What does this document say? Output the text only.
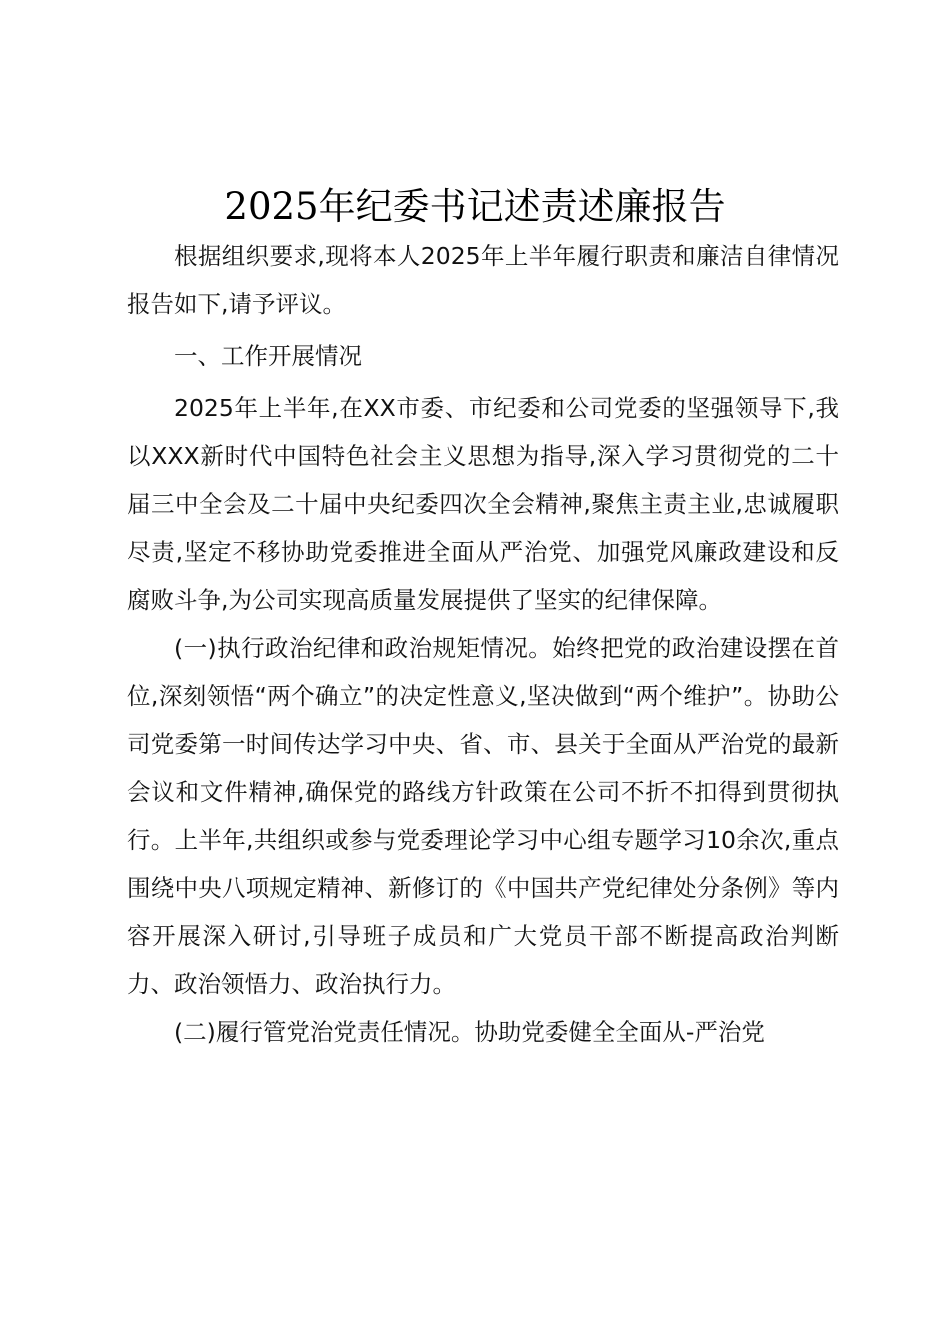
2025年纪委书记述责述廉报告

根据组织要求,现将本人2025年上半年履行职责和廉洁自律情况报告如下,请予评议。

一、工作开展情况

2025年上半年,在XX市委、市纪委和公司党委的坚强领导下,我以XXX新时代中国特色社会主义思想为指导,深入学习贯彻党的二十届三中全会及二十届中央纪委四次全会精神,聚焦主责主业,忠诚履职尽责,坚定不移协助党委推进全面从严治党、加强党风廉政建设和反腐败斗争,为公司实现高质量发展提供了坚实的纪律保障。

(一)执行政治纪律和政治规矩情况。始终把党的政治建设摆在首位,深刻领悟“两个确立”的决定性意义,坚决做到“两个维护”。协助公司党委第一时间传达学习中央、省、市、县关于全面从严治党的最新会议和文件精神,确保党的路线方针政策在公司不折不扣得到贯彻执行。上半年,共组织或参与党委理论学习中心组专题学习10余次,重点围绕中央八项规定精神、新修订的《中国共产党纪律处分条例》等内容开展深入研讨,引导班子成员和广大党员干部不断提高政治判断力、政治领悟力、政治执行力。

(二)履行管党治党责任情况。协助党委健全全面从-严治党
